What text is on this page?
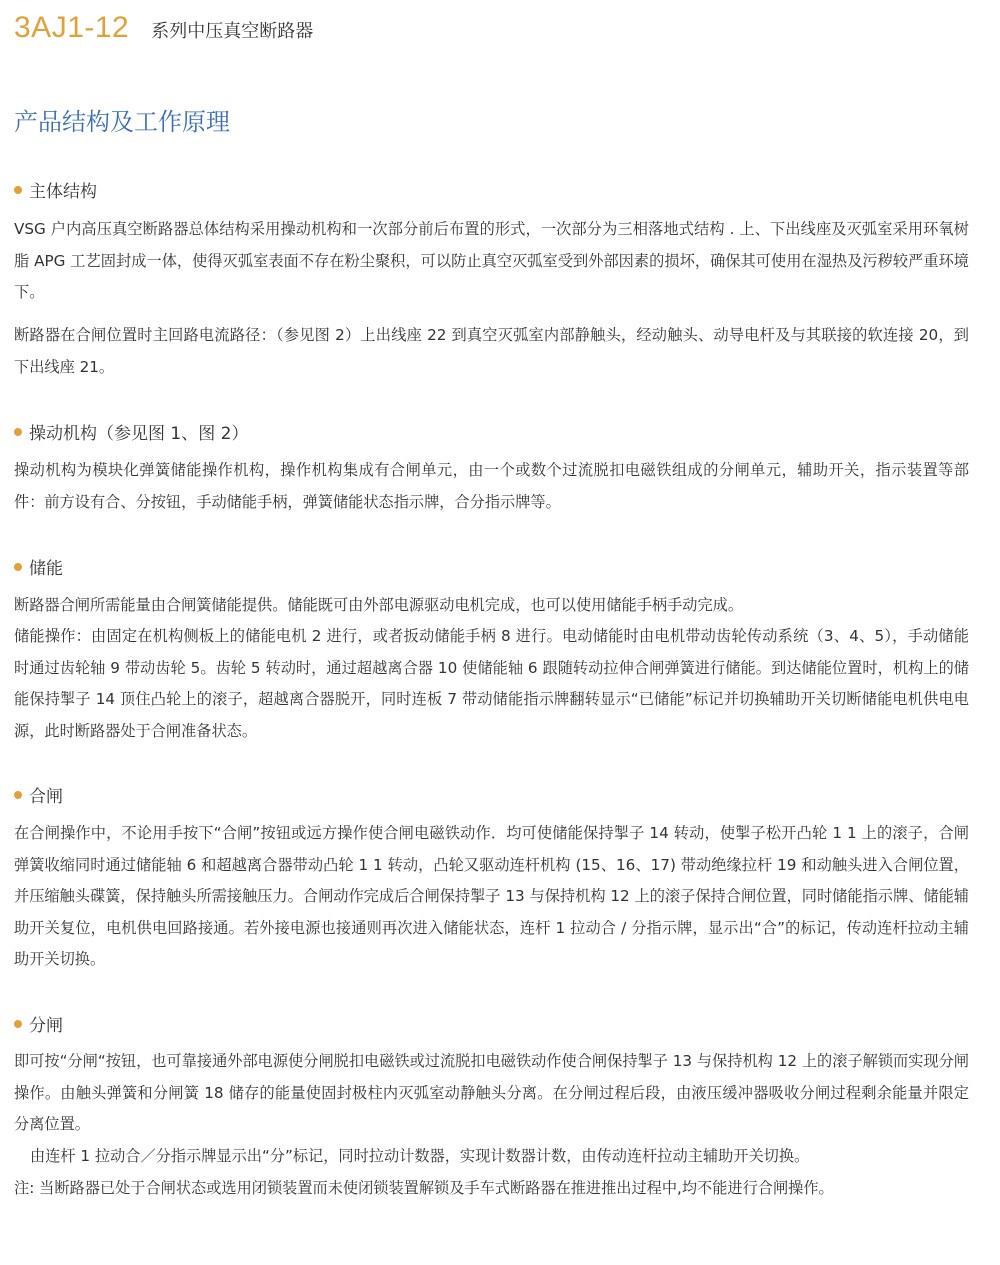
3AJ1-12 系列中压真空断路器
产品结构及工作原理
主体结构

VSG 户内高压真空断路器总体结构采用操动机构和一次部分前后布置的形式，一次部分为三相落地式结构 . 上、下出线座及灭弧室采用环氧树脂 APG 工艺固封成一体，使得灭弧室表面不存在粉尘聚积，可以防止真空灭弧室受到外部因素的损坏，确保其可使用在湿热及污秽较严重环境下。

断路器在合闸位置时主回路电流路径：（参见图 2）上出线座 22 到真空灭弧室内部静触头，经动触头、动导电杆及与其联接的软连接 20，到下出线座 21。

操动机构（参见图 1、图 2）

操动机构为模块化弹簧储能操作机构，操作机构集成有合闸单元，由一个或数个过流脱扣电磁铁组成的分闸单元，辅助开关，指示装置等部件：前方设有合、分按钮，手动储能手柄，弹簧储能状态指示牌，合分指示牌等。

储能

断路器合闸所需能量由合闸簧储能提供。储能既可由外部电源驱动电机完成，也可以使用储能手柄手动完成。

储能操作：由固定在机构侧板上的储能电机 2 进行，或者扳动储能手柄 8 进行。电动储能时由电机带动齿轮传动系统（3、4、5），手动储能时通过齿轮轴 9 带动齿轮 5。齿轮 5 转动时，通过超越离合器 10 使储能轴 6 跟随转动拉伸合闸弹簧进行储能。到达储能位置时，机构上的储能保持掣子 14 顶住凸轮上的滚子，超越离合器脱开，同时连板 7 带动储能指示牌翻转显示“已储能”标记并切换辅助开关切断储能电机供电电源，此时断路器处于合闸准备状态。

合闸

在合闸操作中，不论用手按下“合闸”按钮或远方操作使合闸电磁铁动作．均可使储能保持掣子 14 转动，使掣子松开凸轮 1 1 上的滚子，合闸弹簧收缩同时通过储能轴 6 和超越离合器带动凸轮 1 1 转动，凸轮又驱动连杆机构 (15、16、17) 带动绝缘拉杆 19 和动触头进入合闸位置，并压缩触头碟簧，保持触头所需接触压力。合闸动作完成后合闸保持掣子 13 与保持机构 12 上的滚子保持合闸位置，同时储能指示牌、储能辅助开关复位，电机供电回路接通。若外接电源也接通则再次进入储能状态，连杆 1 拉动合 / 分指示牌，显示出“合”的标记，传动连杆拉动主辅助开关切换。

分闸

即可按“分闸“按钮，也可靠接通外部电源使分闸脱扣电磁铁或过流脱扣电磁铁动作使合闸保持掣子 13 与保持机构 12 上的滚子解锁而实现分闸操作。由触头弹簧和分闸簧 18 储存的能量使固封极柱内灭弧室动静触头分离。在分闸过程后段，由液压缓冲器吸收分闸过程剩余能量并限定分离位置。

由连杆 1 拉动合／分指示牌显示出“分”标记，同时拉动计数器，实现计数器计数，由传动连杆拉动主辅助开关切换。

注: 当断路器已处于合闸状态或选用闭锁装置而未使闭锁装置解锁及手车式断路器在推进推出过程中,均不能进行合闸操作。
